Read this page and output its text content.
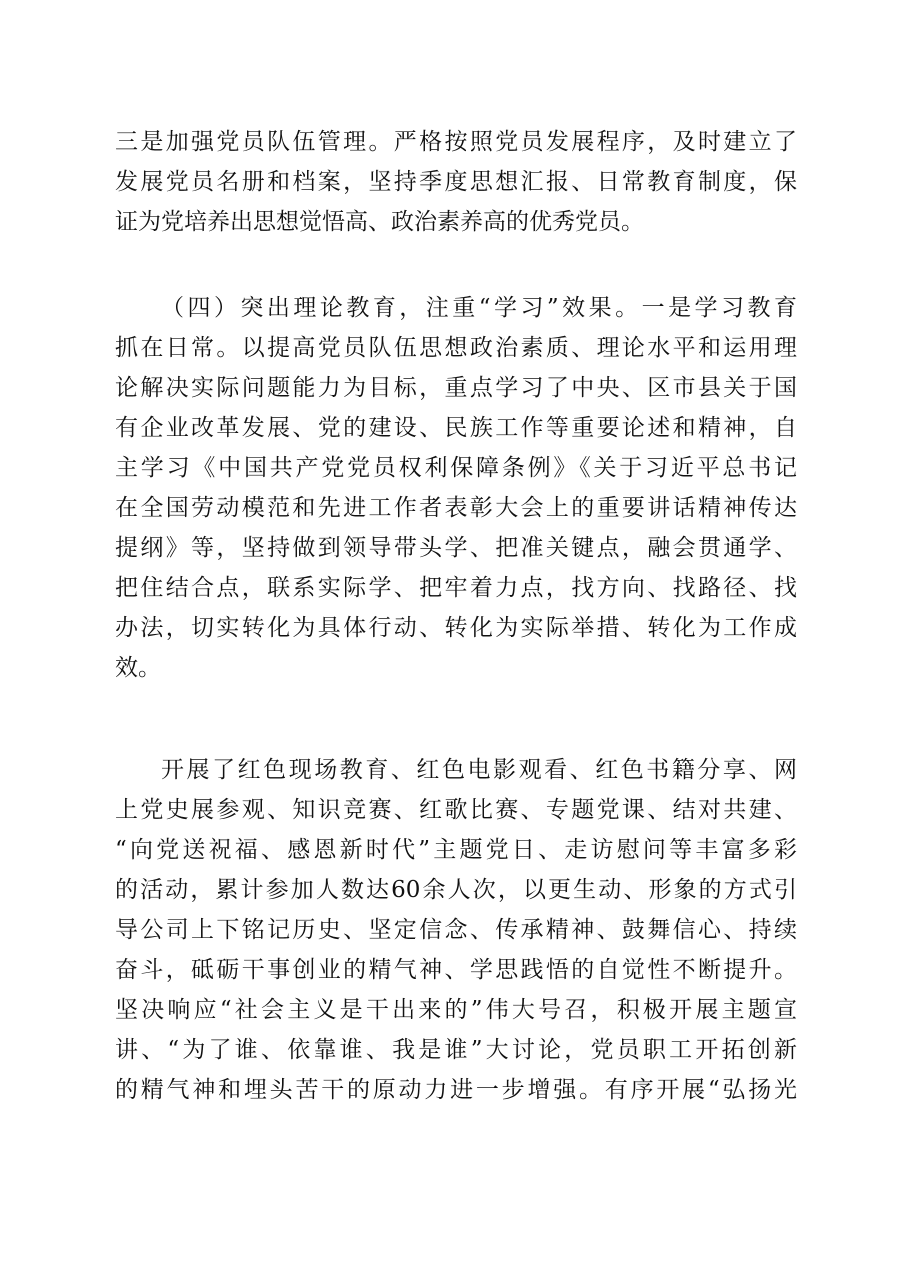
三是加强党员队伍管理。严格按照党员发展程序，及时建立了
发展党员名册和档案，坚持季度思想汇报、日常教育制度，保
证为党培养出思想觉悟高、政治素养高的优秀党员。
（四）突出理论教育，注重“学习”效果。一是学习教育
抓在日常。以提高党员队伍思想政治素质、理论水平和运用理
论解决实际问题能力为目标，重点学习了中央、区市县关于国
有企业改革发展、党的建设、民族工作等重要论述和精神，自
主学习《中国共产党党员权利保障条例》《关于习近平总书记
在全国劳动模范和先进工作者表彰大会上的重要讲话精神传达
提纲》等，坚持做到领导带头学、把准关键点，融会贯通学、
把住结合点，联系实际学、把牢着力点，找方向、找路径、找
办法，切实转化为具体行动、转化为实际举措、转化为工作成
效。
开展了红色现场教育、红色电影观看、红色书籍分享、网
上党史展参观、知识竞赛、红歌比赛、专题党课、结对共建、
“向党送祝福、感恩新时代”主题党日、走访慰问等丰富多彩
的活动，累计参加人数达60余人次，以更生动、形象的方式引
导公司上下铭记历史、坚定信念、传承精神、鼓舞信心、持续
奋斗，砥砺干事创业的精气神、学思践悟的自觉性不断提升。
坚决响应“社会主义是干出来的”伟大号召，积极开展主题宣
讲、“为了谁、依靠谁、我是谁”大讨论，党员职工开拓创新
的精气神和埋头苦干的原动力进一步增强。有序开展“弘扬光
